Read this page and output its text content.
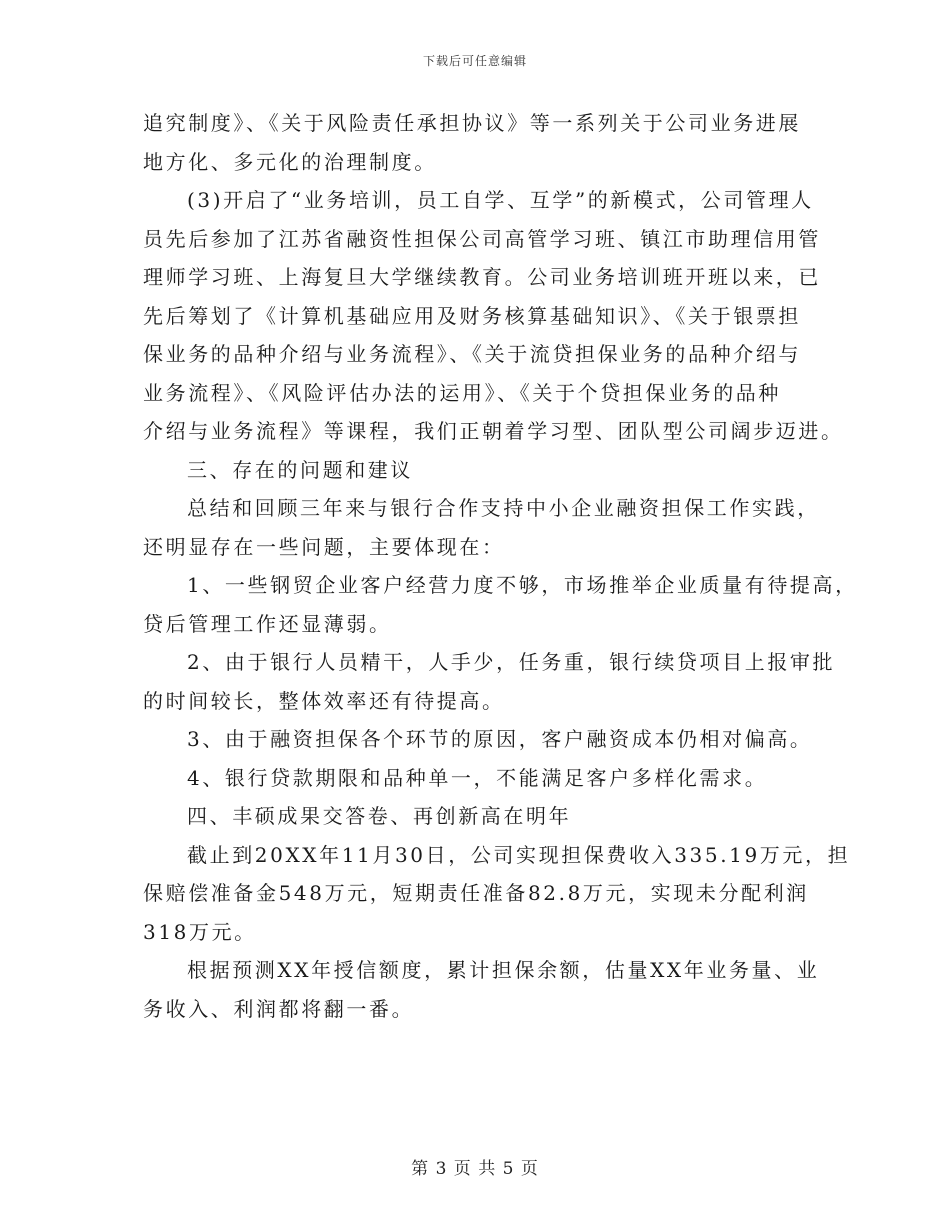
下载后可任意编辑
追究制度》、《关于风险责任承担协议》等一系列关于公司业务进展
地方化、多元化的治理制度。
(3)开启了“业务培训，员工自学、互学”的新模式，公司管理人
员先后参加了江苏省融资性担保公司高管学习班、镇江市助理信用管
理师学习班、上海复旦大学继续教育。公司业务培训班开班以来，已
先后筹划了《计算机基础应用及财务核算基础知识》、《关于银票担
保业务的品种介绍与业务流程》、《关于流贷担保业务的品种介绍与
业务流程》、《风险评估办法的运用》、《关于个贷担保业务的品种
介绍与业务流程》等课程，我们正朝着学习型、团队型公司阔步迈进。
三、存在的问题和建议
总结和回顾三年来与银行合作支持中小企业融资担保工作实践，
还明显存在一些问题，主要体现在：
1、一些钢贸企业客户经营力度不够，市场推举企业质量有待提高，
贷后管理工作还显薄弱。
2、由于银行人员精干，人手少，任务重，银行续贷项目上报审批
的时间较长，整体效率还有待提高。
3、由于融资担保各个环节的原因，客户融资成本仍相对偏高。
4、银行贷款期限和品种单一，不能满足客户多样化需求。
四、丰硕成果交答卷、再创新高在明年
截止到20XX年11月30日，公司实现担保费收入335.19万元，担
保赔偿准备金548万元，短期责任准备82.8万元，实现未分配利润
318万元。
根据预测XX年授信额度，累计担保余额，估量XX年业务量、业
务收入、利润都将翻一番。
第 3 页 共 5 页
